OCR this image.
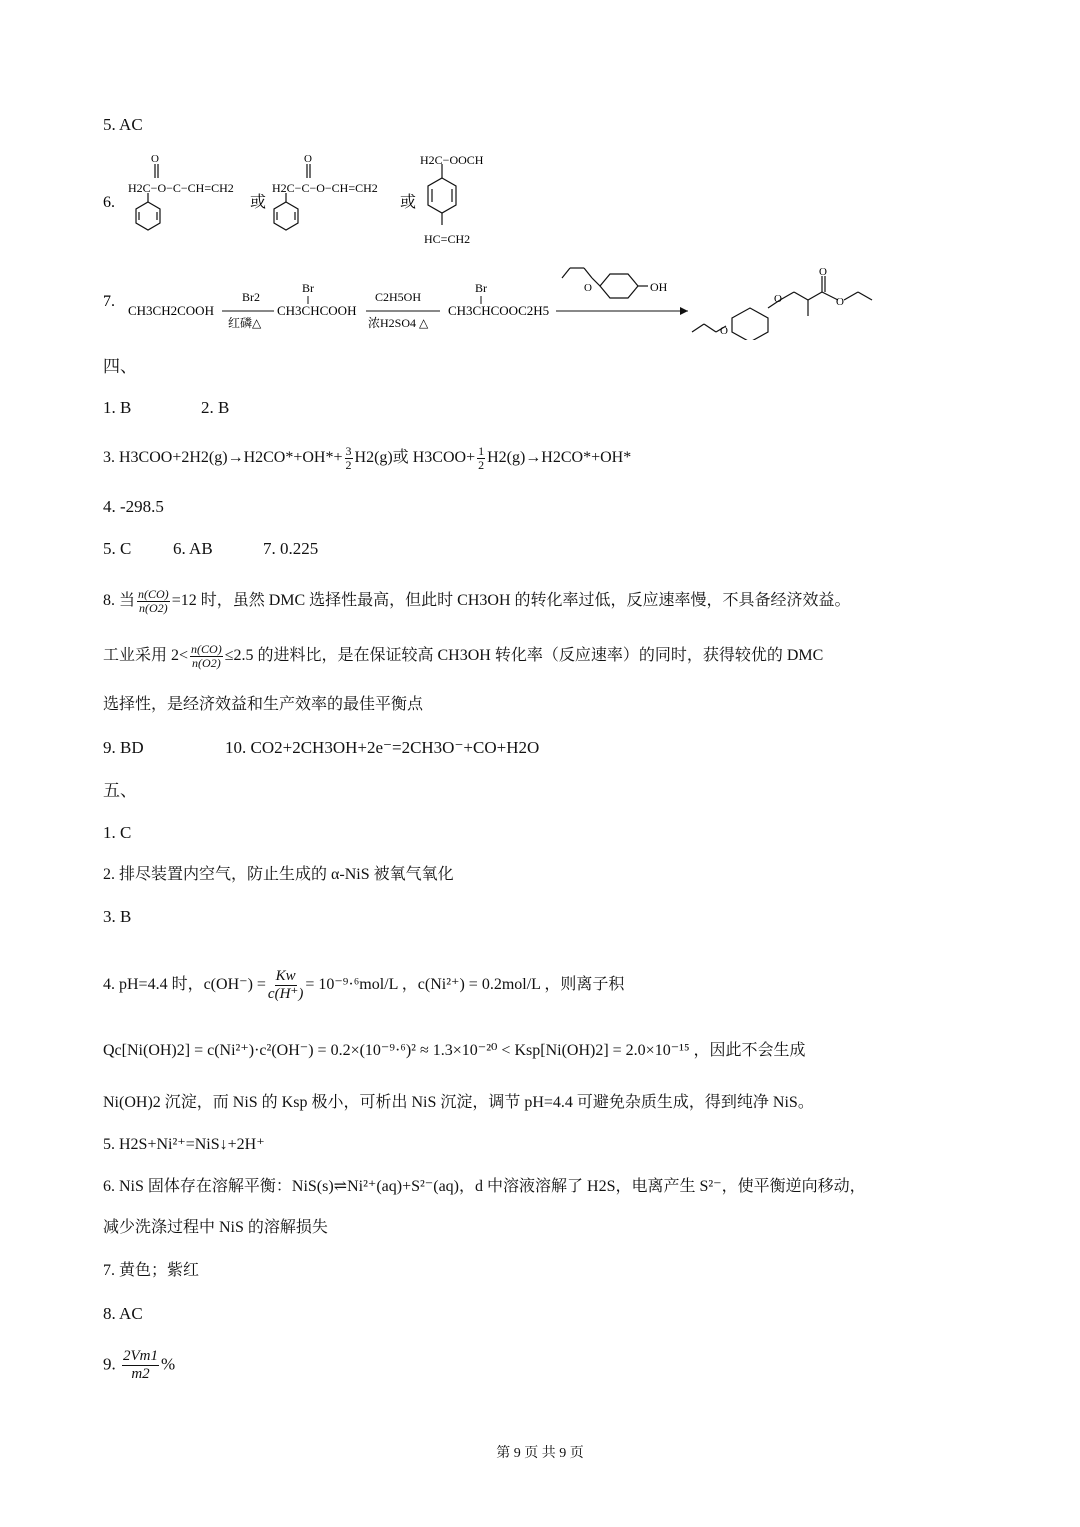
5. AC
6.
O
H2C−O−C−CH=CH2
或
O
H2C−C−O−CH=CH2
或
H2C−OOCH
HC=CH2
7.
CH3CH2COOH
Br2
红磷△
Br
CH3CHCOOH
C2H5OH
浓H2SO4 △
Br
CH3CHCOOC2H5
O	OH
O
O
O
O
四、
1. B	2. B
3. $H3COO+2H2(g)\to H2CO*+OH*+ \frac{3}{2} H2(g)$或 $H3COO+ \frac{1}{2} H2(g)\to H2CO*+OH*$
4. -298.5
5. C 6. AB	7. 0.225
8. 当 $\frac{n(CO)}{n(O2)} =12$ 时，虽然 DMC 选择性最高，但此时 CH3OH 的转化率过低，反应速率慢，不具备经济效益。
工业采用 $2< \frac{n(CO)}{n(O2)} \le 2.5$ 的进料比，是在保证较高 CH3OH 转化率（反应速率）的同时，获得较优的 DMC
选择性，是经济效益和生产效率的最佳平衡点
9. BD	10. CO2+2CH3OH+2e⁻=2CH3O⁻+CO+H2O
五、
1. C
2. 排尽装置内空气，防止生成的 α-NiS 被氧气氧化
3. B
4. pH=4.4 时，$c(OH^-) = \frac{Kw}{c(H^+)} = 10^{-9}\cdot^6mol/L$ ，c(Ni²⁺) = 0.2mol/L ，则离子积
Qc[Ni(OH)2] = c(Ni²⁺)·c²(OH⁻) = 0.2×(10⁻⁹·⁶)² ≈ 1.3×10⁻²⁰ < Ksp[Ni(OH)2] = 2.0×10⁻¹⁵ ，因此不会生成
Ni(OH)2 沉淀，而 NiS 的 Ksp 极小，可析出 NiS 沉淀，调节 pH=4.4 可避免杂质生成，得到纯净 NiS。
5. H2S+Ni²⁺=NiS↓+2H⁺
6. NiS 固体存在溶解平衡：NiS(s)⇌Ni²⁺(aq)+S²⁻(aq)，d 中溶液溶解了 H2S，电离产生 S²⁻，使平衡逆向移动，
减少洗涤过程中 NiS 的溶解损失
7. 黄色；紫红
8. AC
9. $\frac{2Vm1}{m2}$ %
第 9 页 共 9 页
